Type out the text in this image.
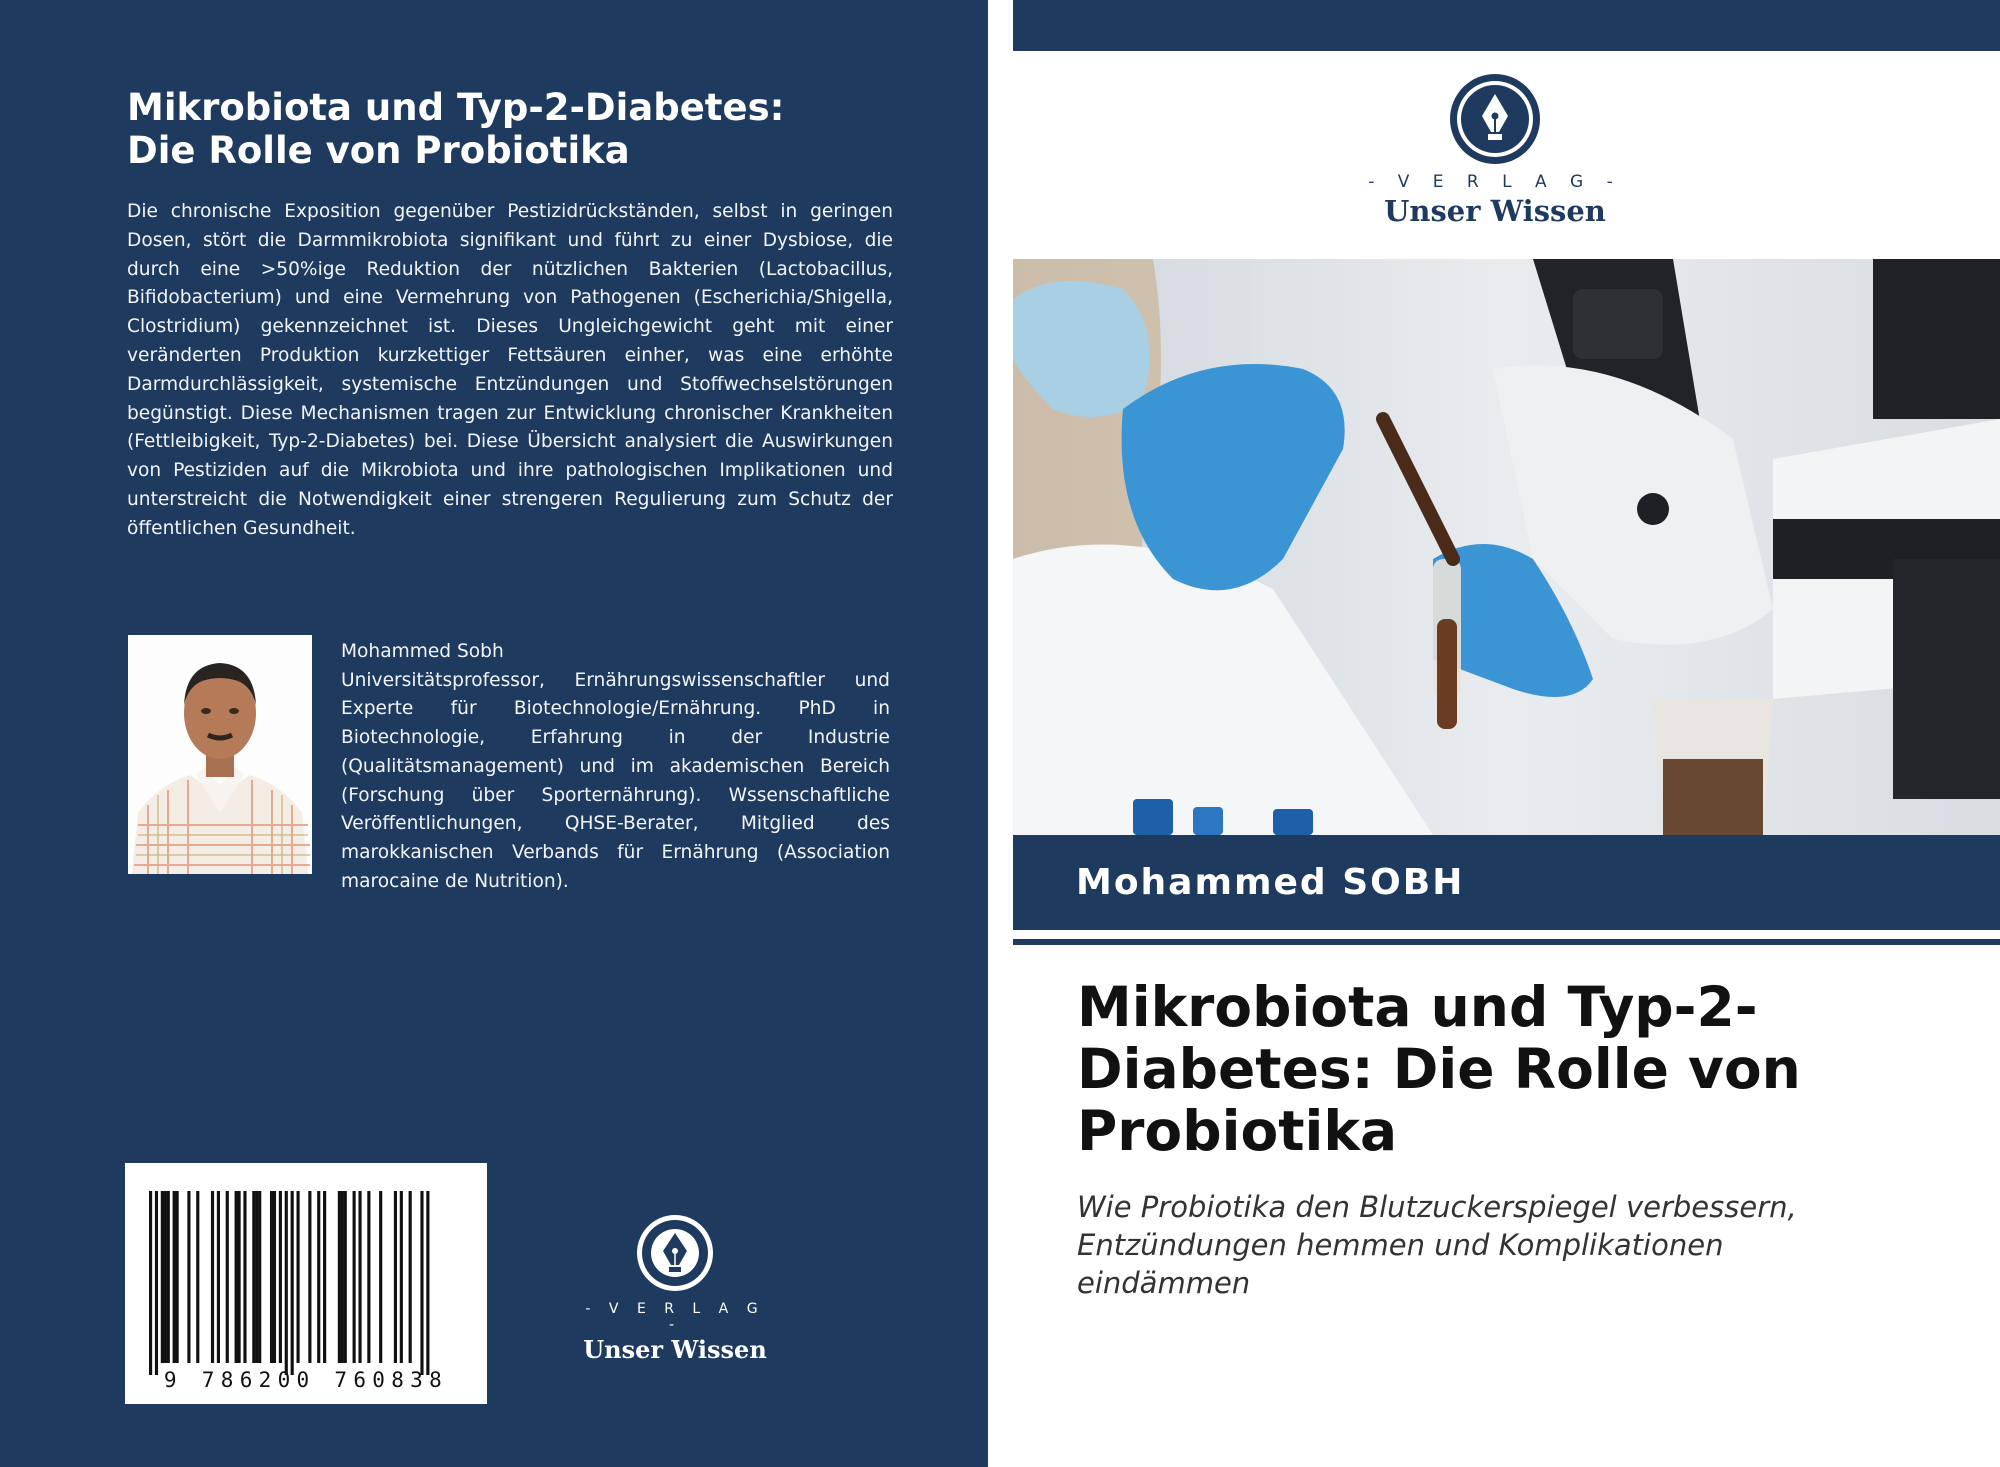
Mikrobiota und Typ-2-Diabetes:
Die Rolle von Probiotika
Die chronische Exposition gegenüber Pestizidrückständen, selbst in geringen Dosen, stört die Darmmikrobiota signifikant und führt zu einer Dysbiose, die durch eine >50%ige Reduktion der nützlichen Bakterien (Lactobacillus, Bifidobacterium) und eine Vermehrung von Pathogenen (Escherichia/Shigella, Clostridium) gekennzeichnet ist. Dieses Ungleichgewicht geht mit einer veränderten Produktion kurzkettiger Fettsäuren einher, was eine erhöhte Darmdurchlässigkeit, systemische Entzündungen und Stoffwechselstörungen begünstigt. Diese Mechanismen tragen zur Entwicklung chronischer Krankheiten (Fettleibigkeit, Typ-2-Diabetes) bei. Diese Übersicht analysiert die Auswirkungen von Pestiziden auf die Mikrobiota und ihre pathologischen Implikationen und unterstreicht die Notwendigkeit einer strengeren Regulierung zum Schutz der öffentlichen Gesundheit.
Mohammed Sobh
Universitätsprofessor, Ernährungswissenschaftler und Experte für Biotechnologie/Ernährung. PhD in Biotechnologie, Erfahrung in der Industrie (Qualitätsmanagement) und im akademischen Bereich (Forschung über Sporternährung). Wssenschaftliche Veröffentlichungen, QHSE-Berater, Mitglied des marokkanischen Verbands für Ernährung (Association marocaine de Nutrition).
9 786200 760838
- V E R L A G -
Unser Wissen
- V E R L A G -
Unser Wissen
Mohammed SOBH
Mikrobiota und Typ-2-
Diabetes: Die Rolle von
Probiotika
Wie Probiotika den Blutzuckerspiegel verbessern,
Entzündungen hemmen und Komplikationen
eindämmen
